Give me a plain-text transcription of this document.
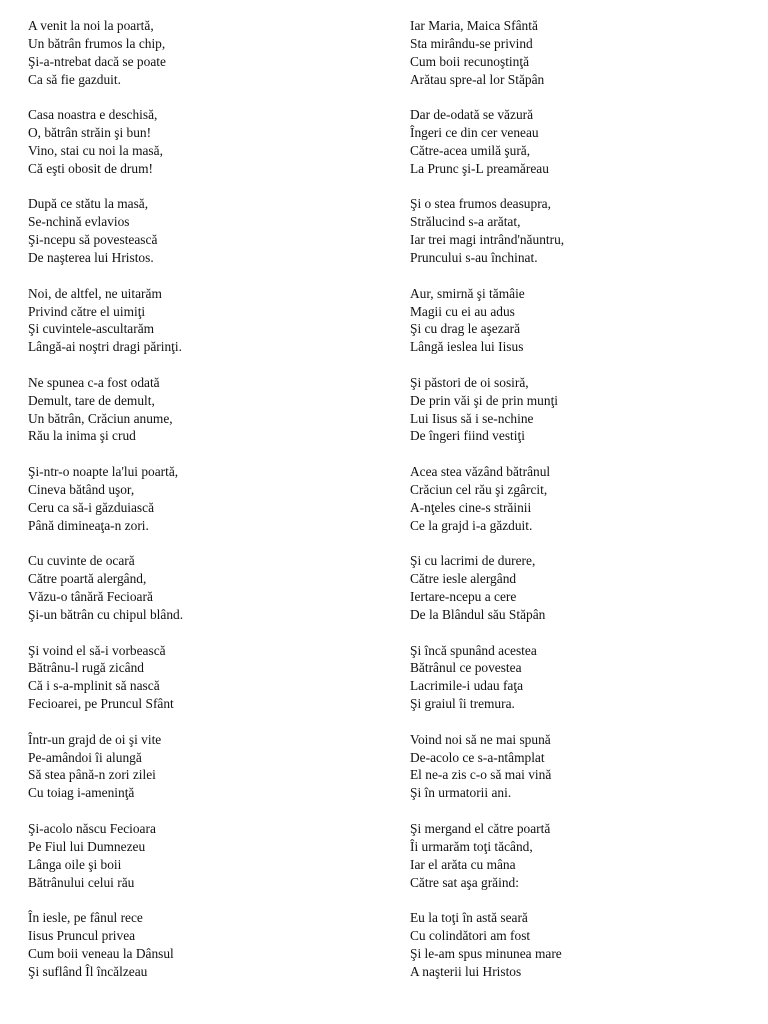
A venit la noi la poartă,
Un bătrân frumos la chip,
Şi-a-ntrebat dacă se poate
Ca să fie gazduit.
Casa noastra e deschisă,
O, bătrân străin şi bun!
Vino, stai cu noi la masă,
Că eşti obosit de drum!
După ce stătu la masă,
Se-nchină evlavios
Şi-ncepu să povestească
De naşterea lui Hristos.
Noi, de altfel, ne uitarăm
Privind către el uimiţi
Şi cuvintele-ascultarăm
Lângă-ai noştri dragi părinţi.
Ne spunea c-a fost odată
Demult, tare de demult,
Un bătrân, Crăciun anume,
Rău la inima şi crud
Şi-ntr-o noapte la'lui poartă,
Cineva bătând uşor,
Ceru ca să-i găzduiască
Până dimineaţa-n zori.
Cu cuvinte de ocară
Către poartă alergând,
Văzu-o tânără Fecioară
Şi-un bătrân cu chipul blând.
Şi voind el să-i vorbească
Bătrânu-l rugă zicând
Că i s-a-mplinit să nască
Fecioarei, pe Pruncul Sfânt
Într-un grajd de oi şi vite
Pe-amândoi îi alungă
Să stea până-n zori zilei
Cu toiag i-ameninţă
Şi-acolo născu Fecioara
Pe Fiul lui Dumnezeu
Lânga oile şi boii
Bătrânului celui rău
În iesle, pe fânul rece
Iisus Pruncul privea
Cum boii veneau la Dânsul
Şi suflând Îl încălzeau
Iar Maria, Maica Sfântă
Sta mirându-se privind
Cum boii recunoştinţă
Arătau spre-al lor Stăpân
Dar de-odată se văzură
Îngeri ce din cer veneau
Către-acea umilă şură,
La Prunc şi-L preamăreau
Şi o stea frumos deasupra,
Strălucind s-a arătat,
Iar trei magi intrând'năuntru,
Pruncului s-au închinat.
Aur, smirnă şi tămâie
Magii cu ei au adus
Şi cu drag le aşezară
Lângă ieslea lui Iisus
Şi păstori de oi sosiră,
De prin văi şi de prin munţi
Lui Iisus să i se-nchine
De îngeri fiind vestiţi
Acea stea văzând bătrânul
Crăciun cel rău şi zgârcit,
A-nţeles cine-s străinii
Ce la grajd i-a găzduit.
Şi cu lacrimi de durere,
Către iesle alergând
Iertare-ncepu a cere
De la Blândul său Stăpân
Şi încă spunând acestea
Bătrânul ce povestea
Lacrimile-i udau faţa
Şi graiul îi tremura.
Voind noi să ne mai spună
De-acolo ce s-a-ntâmplat
El ne-a zis c-o să mai vină
Şi în urmatorii ani.
Şi mergand el către poartă
Îi urmarăm toţi tăcând,
Iar el arăta cu mâna
Către sat aşa grăind:
Eu la toţi în astă seară
Cu colindători am fost
Şi le-am spus minunea mare
A naşterii lui Hristos
